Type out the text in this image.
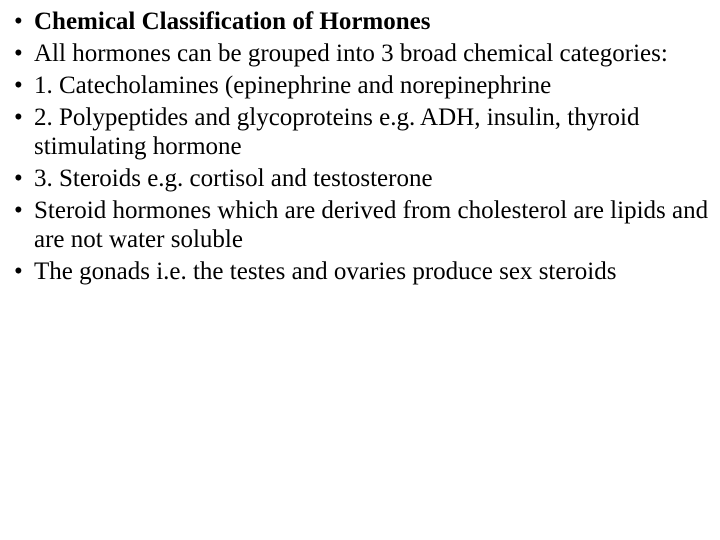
• Chemical Classification of Hormones
• All hormones can be grouped into 3 broad chemical categories:
• 1. Catecholamines (epinephrine and norepinephrine
• 2. Polypeptides and glycoproteins e.g. ADH, insulin, thyroid stimulating hormone
• 3. Steroids e.g. cortisol and testosterone
• Steroid hormones which are derived from cholesterol are lipids and are not water soluble
• The gonads i.e. the testes and ovaries produce sex steroids
